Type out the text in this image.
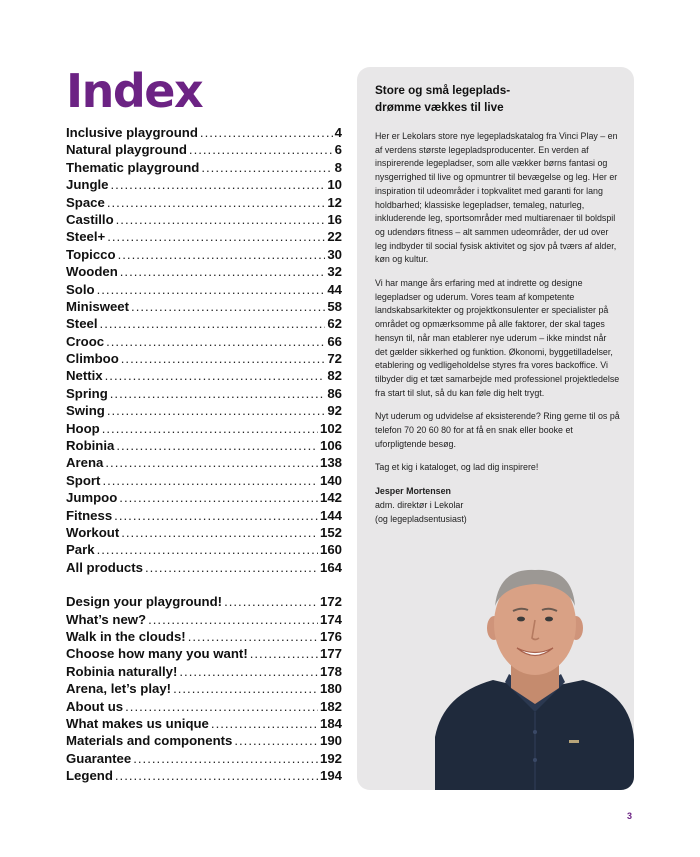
Index
Inclusive playground .....	4
Natural playground .....	6
Thematic playground .....	8
Jungle .....	10
Space .....	12
Castillo .....	16
Steel+ .....	22
Topicco .....	30
Wooden .....	32
Solo .....	44
Minisweet .....	58
Steel .....	62
Crooc .....	66
Climboo .....	72
Nettix .....	82
Spring .....	86
Swing .....	92
Hoop .....	102
Robinia .....	106
Arena .....	138
Sport .....	140
Jumpoo .....	142
Fitness .....	144
Workout .....	152
Park .....	160
All products .....	164
Design your playground! .....	172
What’s new? .....	174
Walk in the clouds! .....	176
Choose how many you want! .....	177
Robinia naturally! .....	178
Arena, let’s play! .....	180
About us .....	182
What makes us unique .....	184
Materials and components .....	190
Guarantee .....	192
Legend .....	194
Store og små legeplads-
drømme vækkes til live

Her er Lekolars store nye legepladskatalog fra Vinci Play – en af verdens største legepladsproducenter. En verden af inspirerende legepladser, som alle vækker børns fantasi og nysgerrighed til live og opmuntrer til bevægelse og leg. Her er inspiration til udeområder i topkvalitet med garanti for lang holdbarhed; klassiske legepladser, temaleg, naturleg, inkluderende leg, sportsområder med multiarenaer til boldspil og udendørs fitness – alt sammen udeområder, der ud over leg indbyder til social fysisk aktivitet og sjov på tværs af alder, køn og kultur.

Vi har mange års erfaring med at indrette og designe legepladser og uderum. Vores team af kompetente landskabsarkitekter og projektkonsulenter er specialister på området og opmærksomme på alle faktorer, der skal tages hensyn til, når man etablerer nye uderum – ikke mindst når det gælder sikkerhed og funktion. Økonomi, byggetilladelser, etablering og vedligeholdelse styres fra vores backoffice. Vi tilbyder dig et tæt samarbejde med professionel projektledelse fra start til slut, så du kan føle dig helt trygt.

Nyt uderum og udvidelse af eksisterende? Ring gerne til os på telefon 70 20 60 80 for at få en snak eller booke et uforpligtende besøg.

Tag et kig i kataloget, og lad dig inspirere!

Jesper Mortensen
adm. direktør i Lekolar
(og legepladsentusiast)
3
